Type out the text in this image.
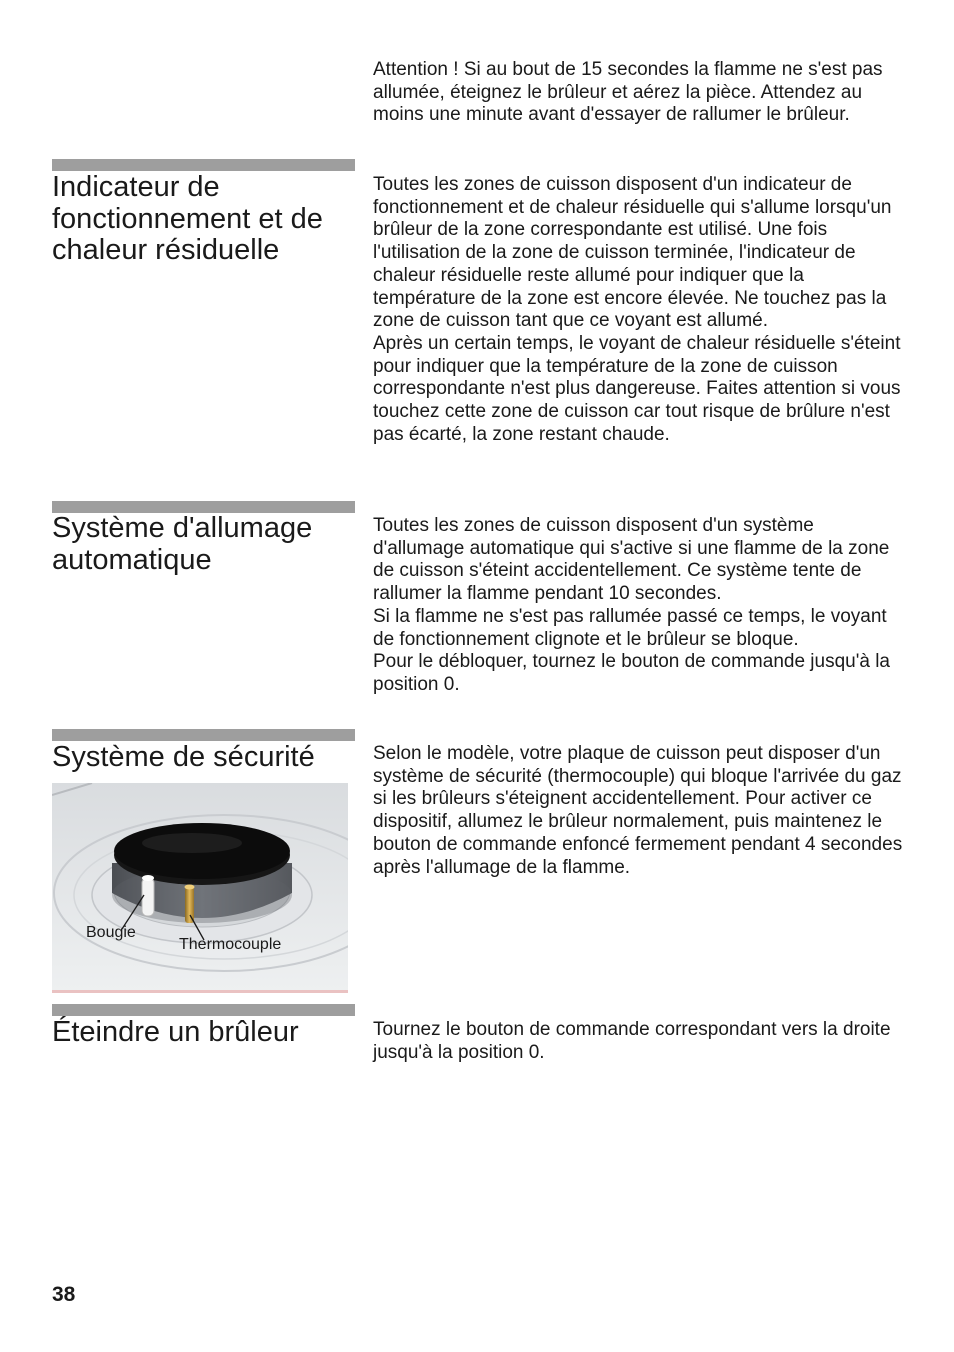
Attention ! Si au bout de 15 secondes la flamme ne s'est pas allumée, éteignez le brûleur et aérez la pièce. Attendez au moins une minute avant d'essayer de rallumer le brûleur.

Indicateur de fonctionnement et de chaleur résiduelle

Toutes les zones de cuisson disposent d'un indicateur de fonctionnement et de chaleur résiduelle qui s'allume lorsqu'un brûleur de la zone correspondante est utilisé. Une fois l'utilisation de la zone de cuisson terminée, l'indicateur de chaleur résiduelle reste allumé pour indiquer que la température de la zone est encore élevée. Ne touchez pas la zone de cuisson tant que ce voyant est allumé.

Après un certain temps, le voyant de chaleur résiduelle s'éteint pour indiquer que la température de la zone de cuisson correspondante n'est plus dangereuse. Faites attention si vous touchez cette zone de cuisson car tout risque de brûlure n'est pas écarté, la zone restant chaude.

Système d'allumage automatique

Toutes les zones de cuisson disposent d'un système d'allumage automatique qui s'active si une flamme de la zone de cuisson s'éteint accidentellement. Ce système tente de rallumer la flamme pendant 10 secondes.

Si la flamme ne s'est pas rallumée passé ce temps, le voyant de fonctionnement clignote et le brûleur se bloque.

Pour le débloquer, tournez le bouton de commande jusqu'à la position 0.

Système de sécurité	Selon le modèle, votre plaque de cuisson peut disposer d'un système de sécurité (thermocouple) qui bloque l'arrivée du gaz si les brûleurs s'éteignent accidentellement. Pour activer ce dispositif, allumez le brûleur normalement, puis maintenez le bouton de commande enfoncé fermement pendant 4 secondes après l'allumage de la flamme.

Bougie
Thermocouple
Éteindre un brûleur	Tournez le bouton de commande correspondant vers la droite jusqu'à la position 0.

38
